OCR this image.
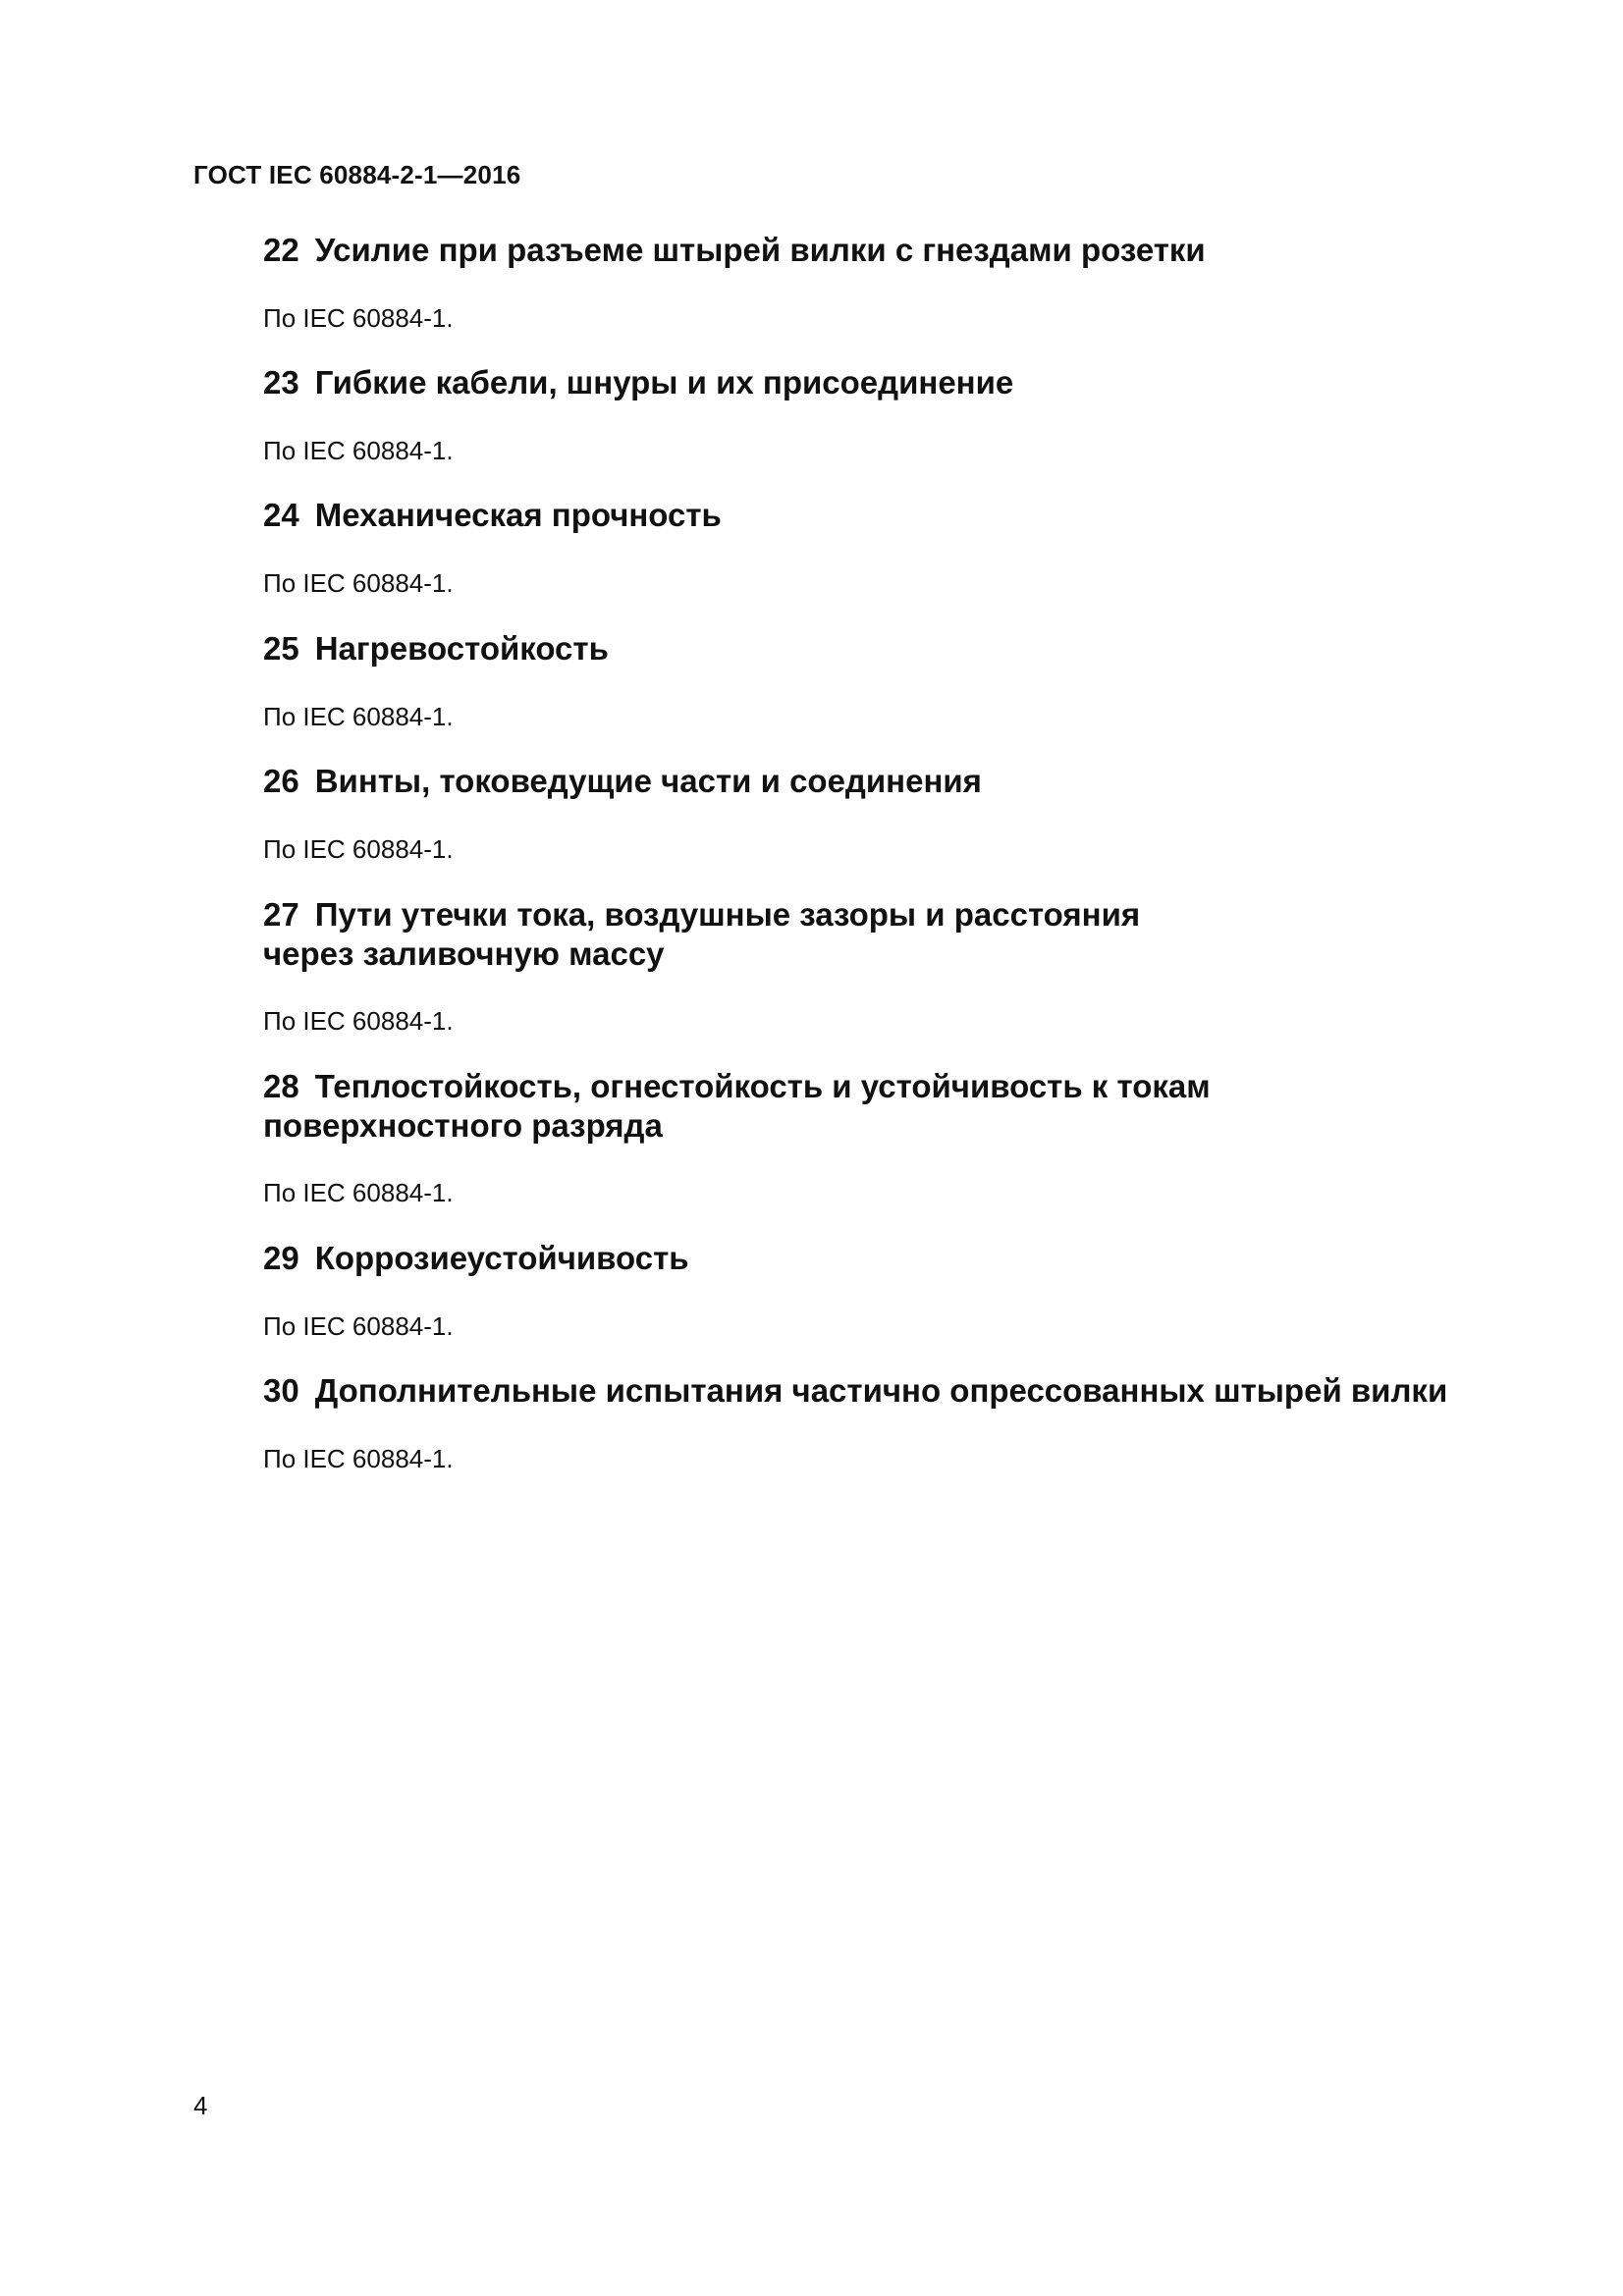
ГОСТ IEC 60884-2-1—2016

22 Усилие при разъеме штырей вилки с гнездами розетки

По IEC 60884-1.

23 Гибкие кабели, шнуры и их присоединение

По IEC 60884-1.

24 Механическая прочность

По IEC 60884-1.

25 Нагревостойкость

По IEC 60884-1.

26 Винты, токоведущие части и соединения

По IEC 60884-1.

27 Пути утечки тока, воздушные зазоры и расстояния
через заливочную массу

По IEC 60884-1.

28 Теплостойкость, огнестойкость и устойчивость к токам
поверхностного разряда

По IEC 60884-1.

29 Коррозиеустойчивость

По IEC 60884-1.

30 Дополнительные испытания частично опрессованных штырей вилки

По IEC 60884-1.

4
